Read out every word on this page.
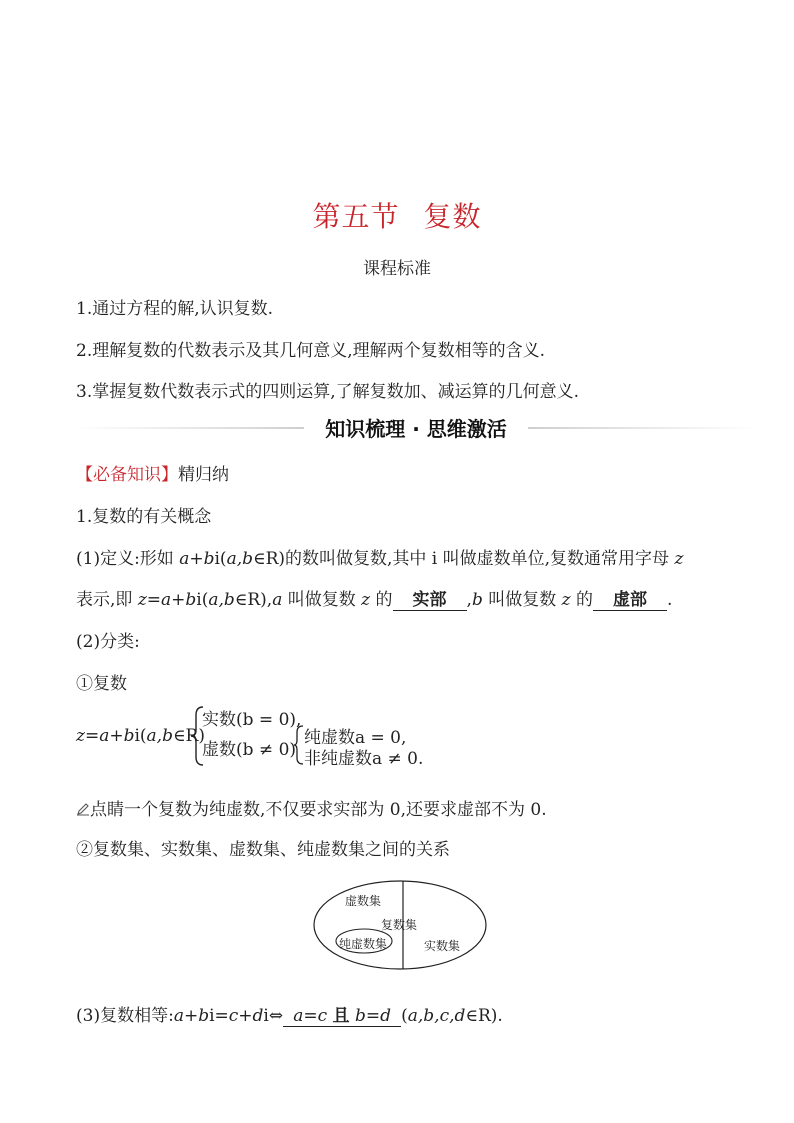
第五节 复数
课程标准
1.通过方程的解,认识复数.
2.理解复数的代数表示及其几何意义,理解两个复数相等的含义.
3.掌握复数代数表示式的四则运算,了解复数加、减运算的几何意义.
知识梳理 · 思维激活
【必备知识】精归纳
1.复数的有关概念
(1)定义:形如 a+bi(a,b∈R)的数叫做复数,其中 i 叫做虚数单位,复数通常用字母 z
表示,即 z=a+bi(a,b∈R),a 叫做复数 z 的 实部 ,b 叫做复数 z 的 虚部 .
(2)分类:
①复数
z=a+bi(a,b∈R)
实数(b = 0),
虚数(b ≠ 0)
纯虚数a = 0,
非纯虚数a ≠ 0.
点睛一个复数为纯虚数,不仅要求实部为 0,还要求虚部不为 0.
②复数集、实数集、虚数集、纯虚数集之间的关系
虚数集
复数集
纯虚数集	实数集
(3)复数相等:a+bi=c+di⇔ a=c 且 b=d (a,b,c,d∈R).
